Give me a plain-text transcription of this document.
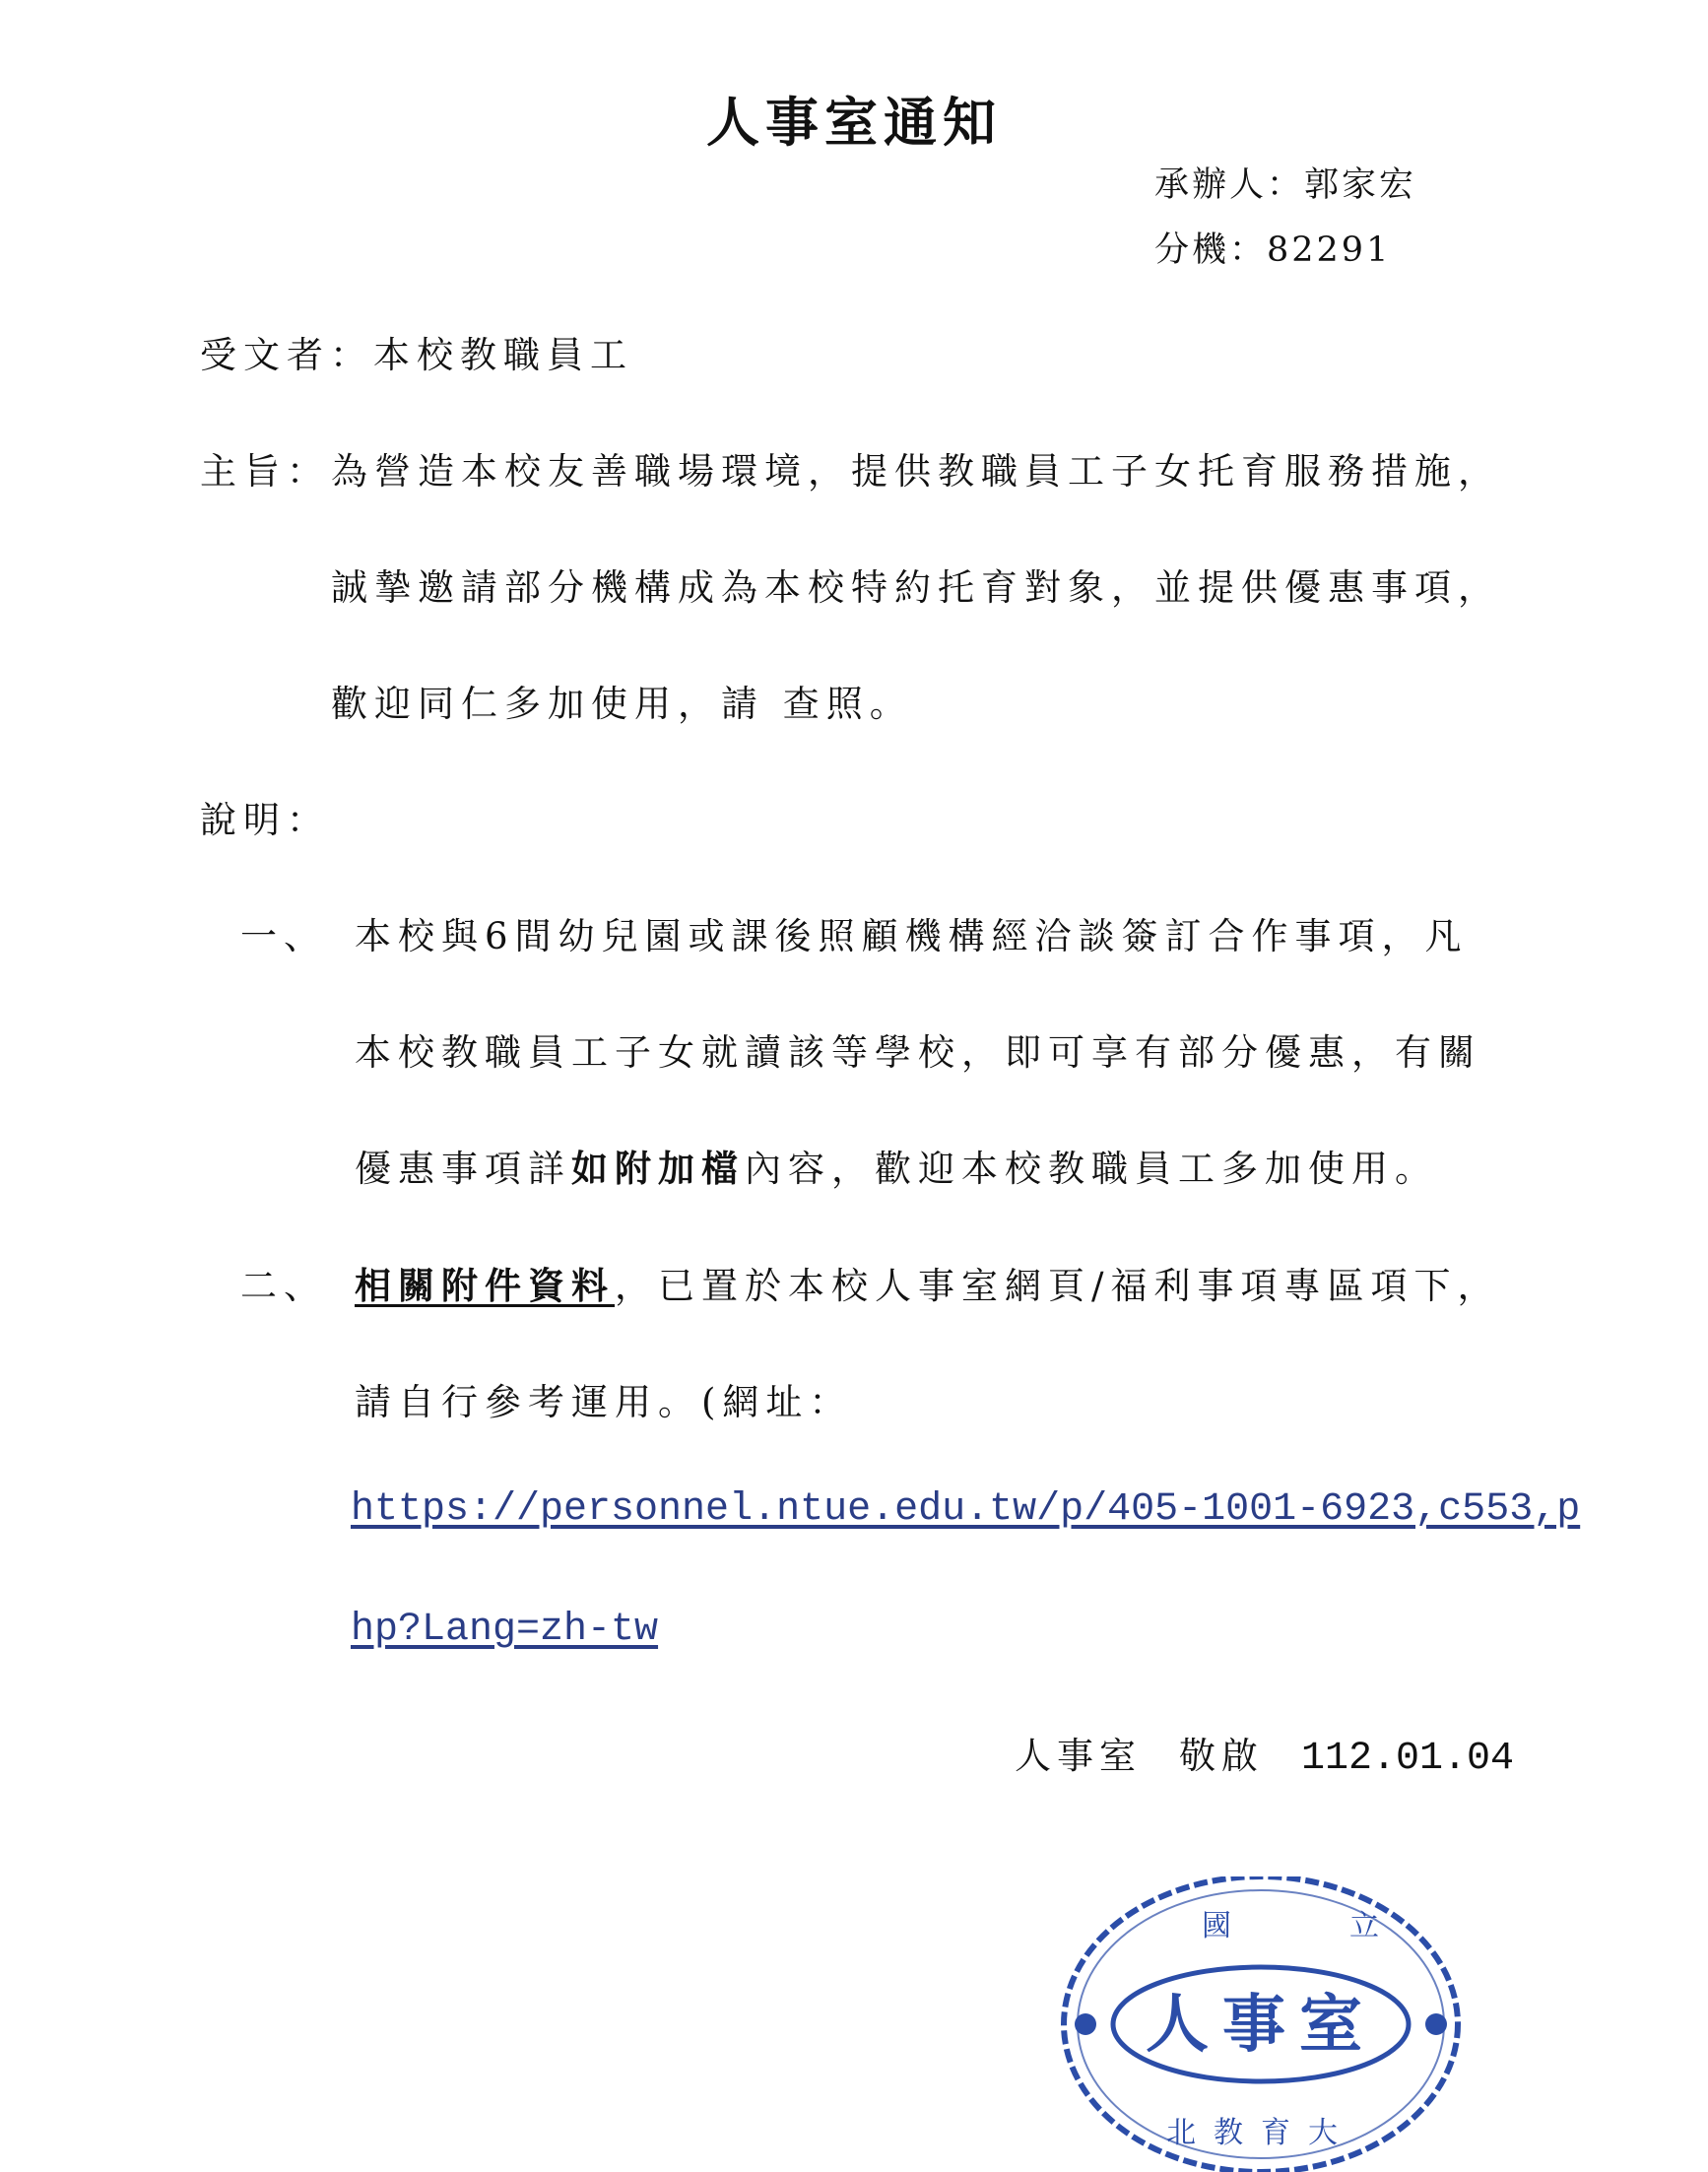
人事室通知
承辦人：郭家宏
分機：82291
受文者：本校教職員工
主旨： 為營造本校友善職場環境，提供教職員工子女托育服務措施，
誠摯邀請部分機構成為本校特約托育對象，並提供優惠事項，
歡迎同仁多加使用，請 查照。
說明：
一、 本校與6間幼兒園或課後照顧機構經洽談簽訂合作事項，凡
本校教職員工子女就讀該等學校，即可享有部分優惠，有關
優惠事項詳如附加檔內容，歡迎本校教職員工多加使用。
二、 相關附件資料，已置於本校人事室網頁/福利事項專區項下，
請自行參考運用。(網址：
https://personnel.ntue.edu.tw/p/405-1001-6923,c553,p
hp?Lang=zh-tw
人事室 敬啟 112.01.04
國	立
人事室
北教育大
